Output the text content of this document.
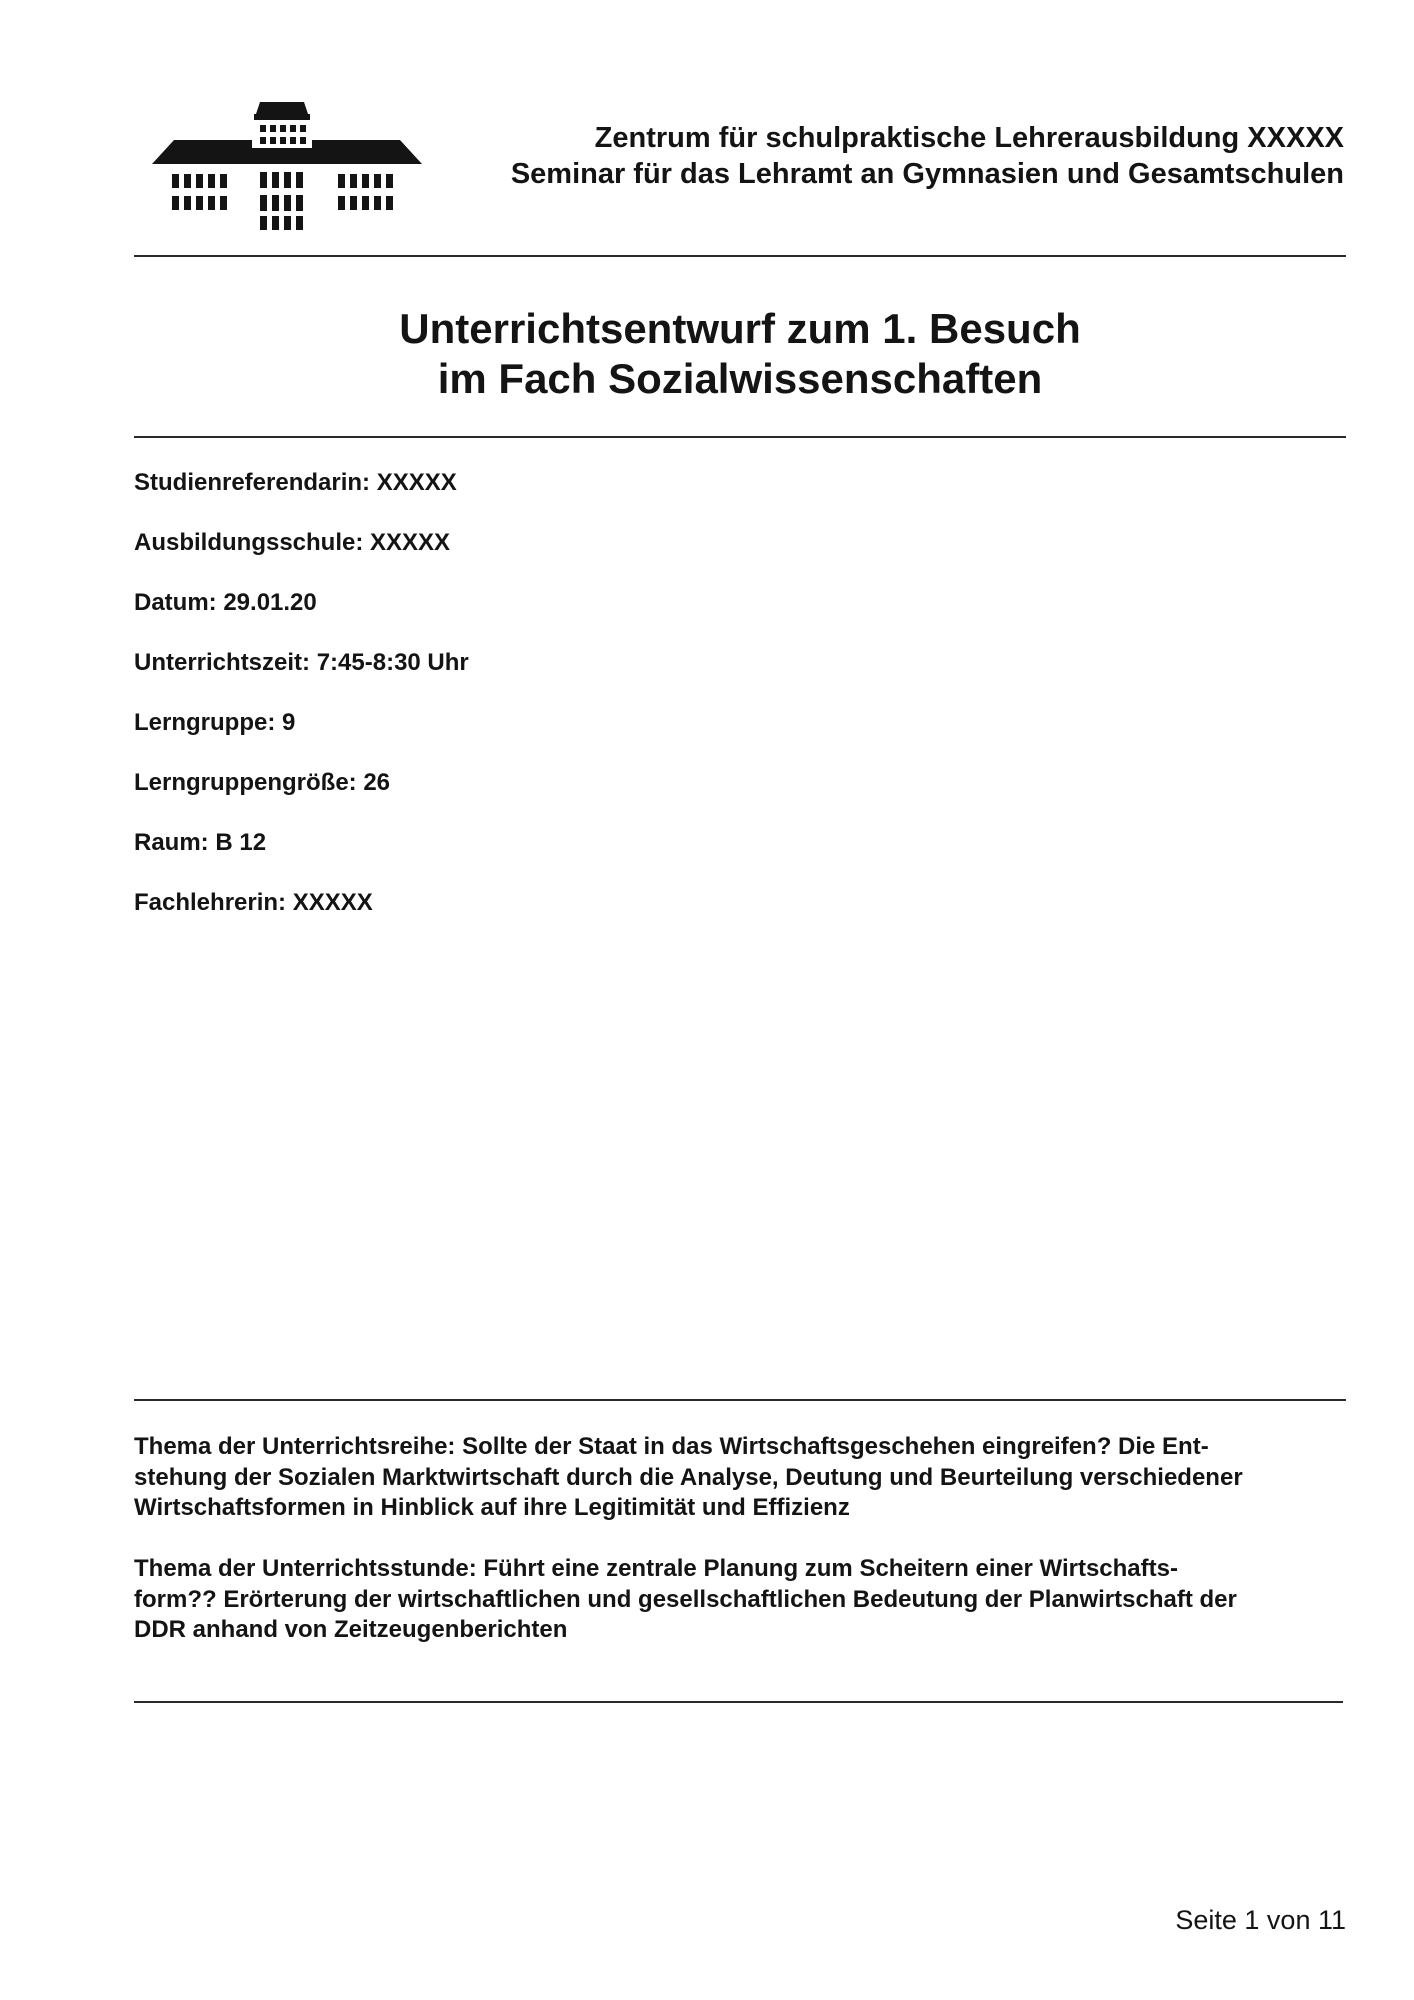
Zentrum für schulpraktische Lehrerausbildung XXXXX
Seminar für das Lehramt an Gymnasien und Gesamtschulen
Unterrichtsentwurf zum 1. Besuch
im Fach Sozialwissenschaften
Studienreferendarin: XXXXX
Ausbildungsschule: XXXXX
Datum: 29.01.20
Unterrichtszeit: 7:45-8:30 Uhr
Lerngruppe: 9
Lerngruppengröße: 26
Raum: B 12
Fachlehrerin: XXXXX
Thema der Unterrichtsreihe: Sollte der Staat in das Wirtschaftsgeschehen eingreifen? Die Ent-
stehung der Sozialen Marktwirtschaft durch die Analyse, Deutung und Beurteilung verschiedener
Wirtschaftsformen in Hinblick auf ihre Legitimität und Effizienz
Thema der Unterrichtsstunde: Führt eine zentrale Planung zum Scheitern einer Wirtschafts-
form?? Erörterung der wirtschaftlichen und gesellschaftlichen Bedeutung der Planwirtschaft der
DDR anhand von Zeitzeugenberichten
Seite 1 von 11
